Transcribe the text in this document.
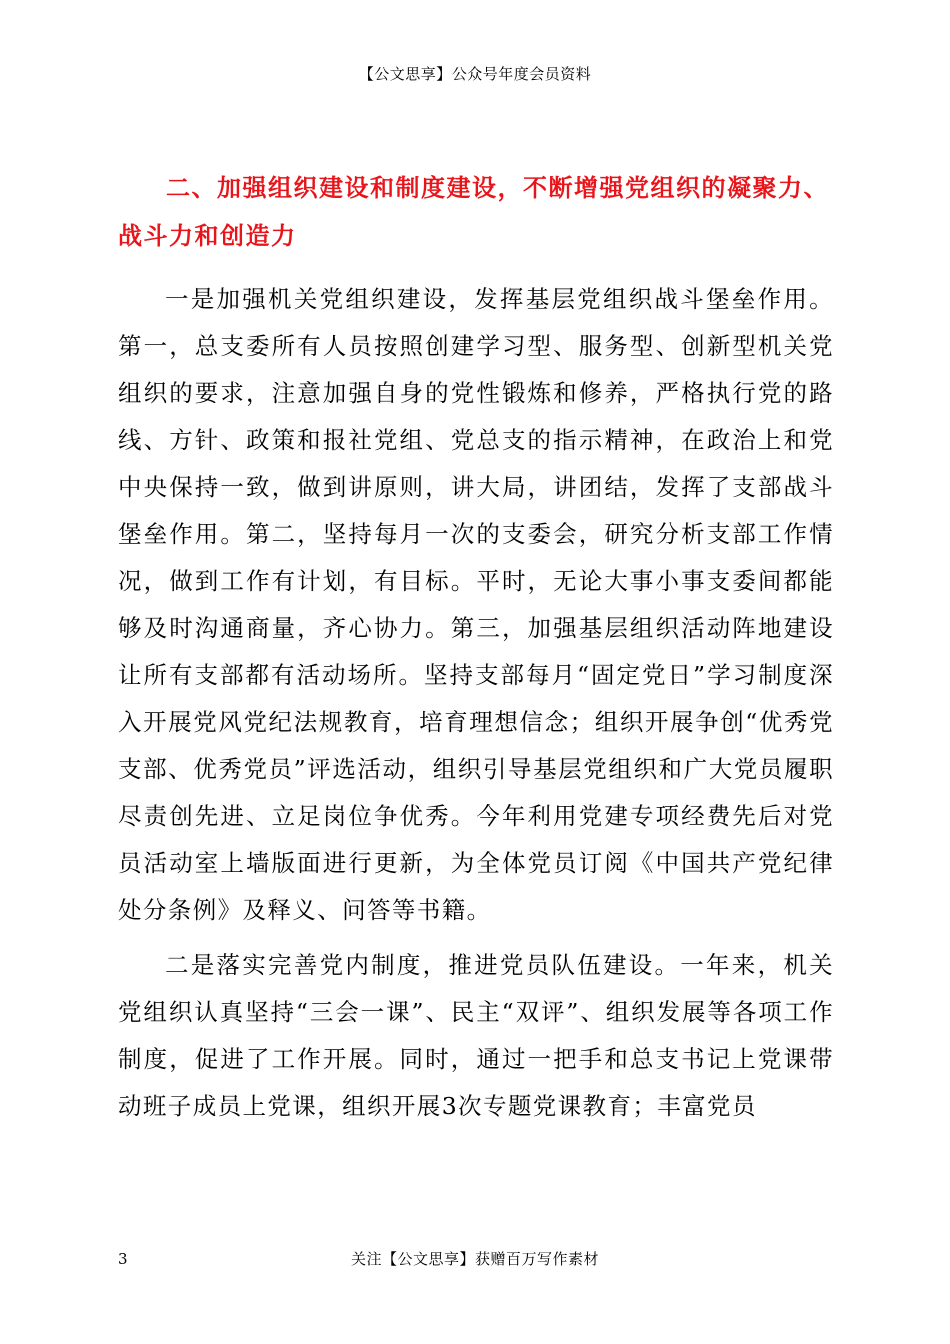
【公文思享】公众号年度会员资料
二、加强组织建设和制度建设，不断增强党组织的凝聚力、战斗力和创造力

一是加强机关党组织建设，发挥基层党组织战斗堡垒作用。第一，总支委所有人员按照创建学习型、服务型、创新型机关党组织的要求，注意加强自身的党性锻炼和修养，严格执行党的路线、方针、政策和报社党组、党总支的指示精神，在政治上和党中央保持一致，做到讲原则，讲大局，讲团结，发挥了支部战斗堡垒作用。第二，坚持每月一次的支委会，研究分析支部工作情况，做到工作有计划，有目标。平时，无论大事小事支委间都能够及时沟通商量，齐心协力。第三，加强基层组织活动阵地建设让所有支部都有活动场所。坚持支部每月“固定党日”学习制度深入开展党风党纪法规教育，培育理想信念；组织开展争创“优秀党支部、优秀党员”评选活动，组织引导基层党组织和广大党员履职尽责创先进、立足岗位争优秀。今年利用党建专项经费先后对党员活动室上墙版面进行更新，为全体党员订阅《中国共产党纪律处分条例》及释义、问答等书籍。

二是落实完善党内制度，推进党员队伍建设。一年来，机关党组织认真坚持“三会一课”、民主“双评”、组织发展等各项工作制度，促进了工作开展。同时，通过一把手和总支书记上党课带动班子成员上党课，组织开展3次专题党课教育；丰富党员

3	关注【公文思享】获赠百万写作素材
